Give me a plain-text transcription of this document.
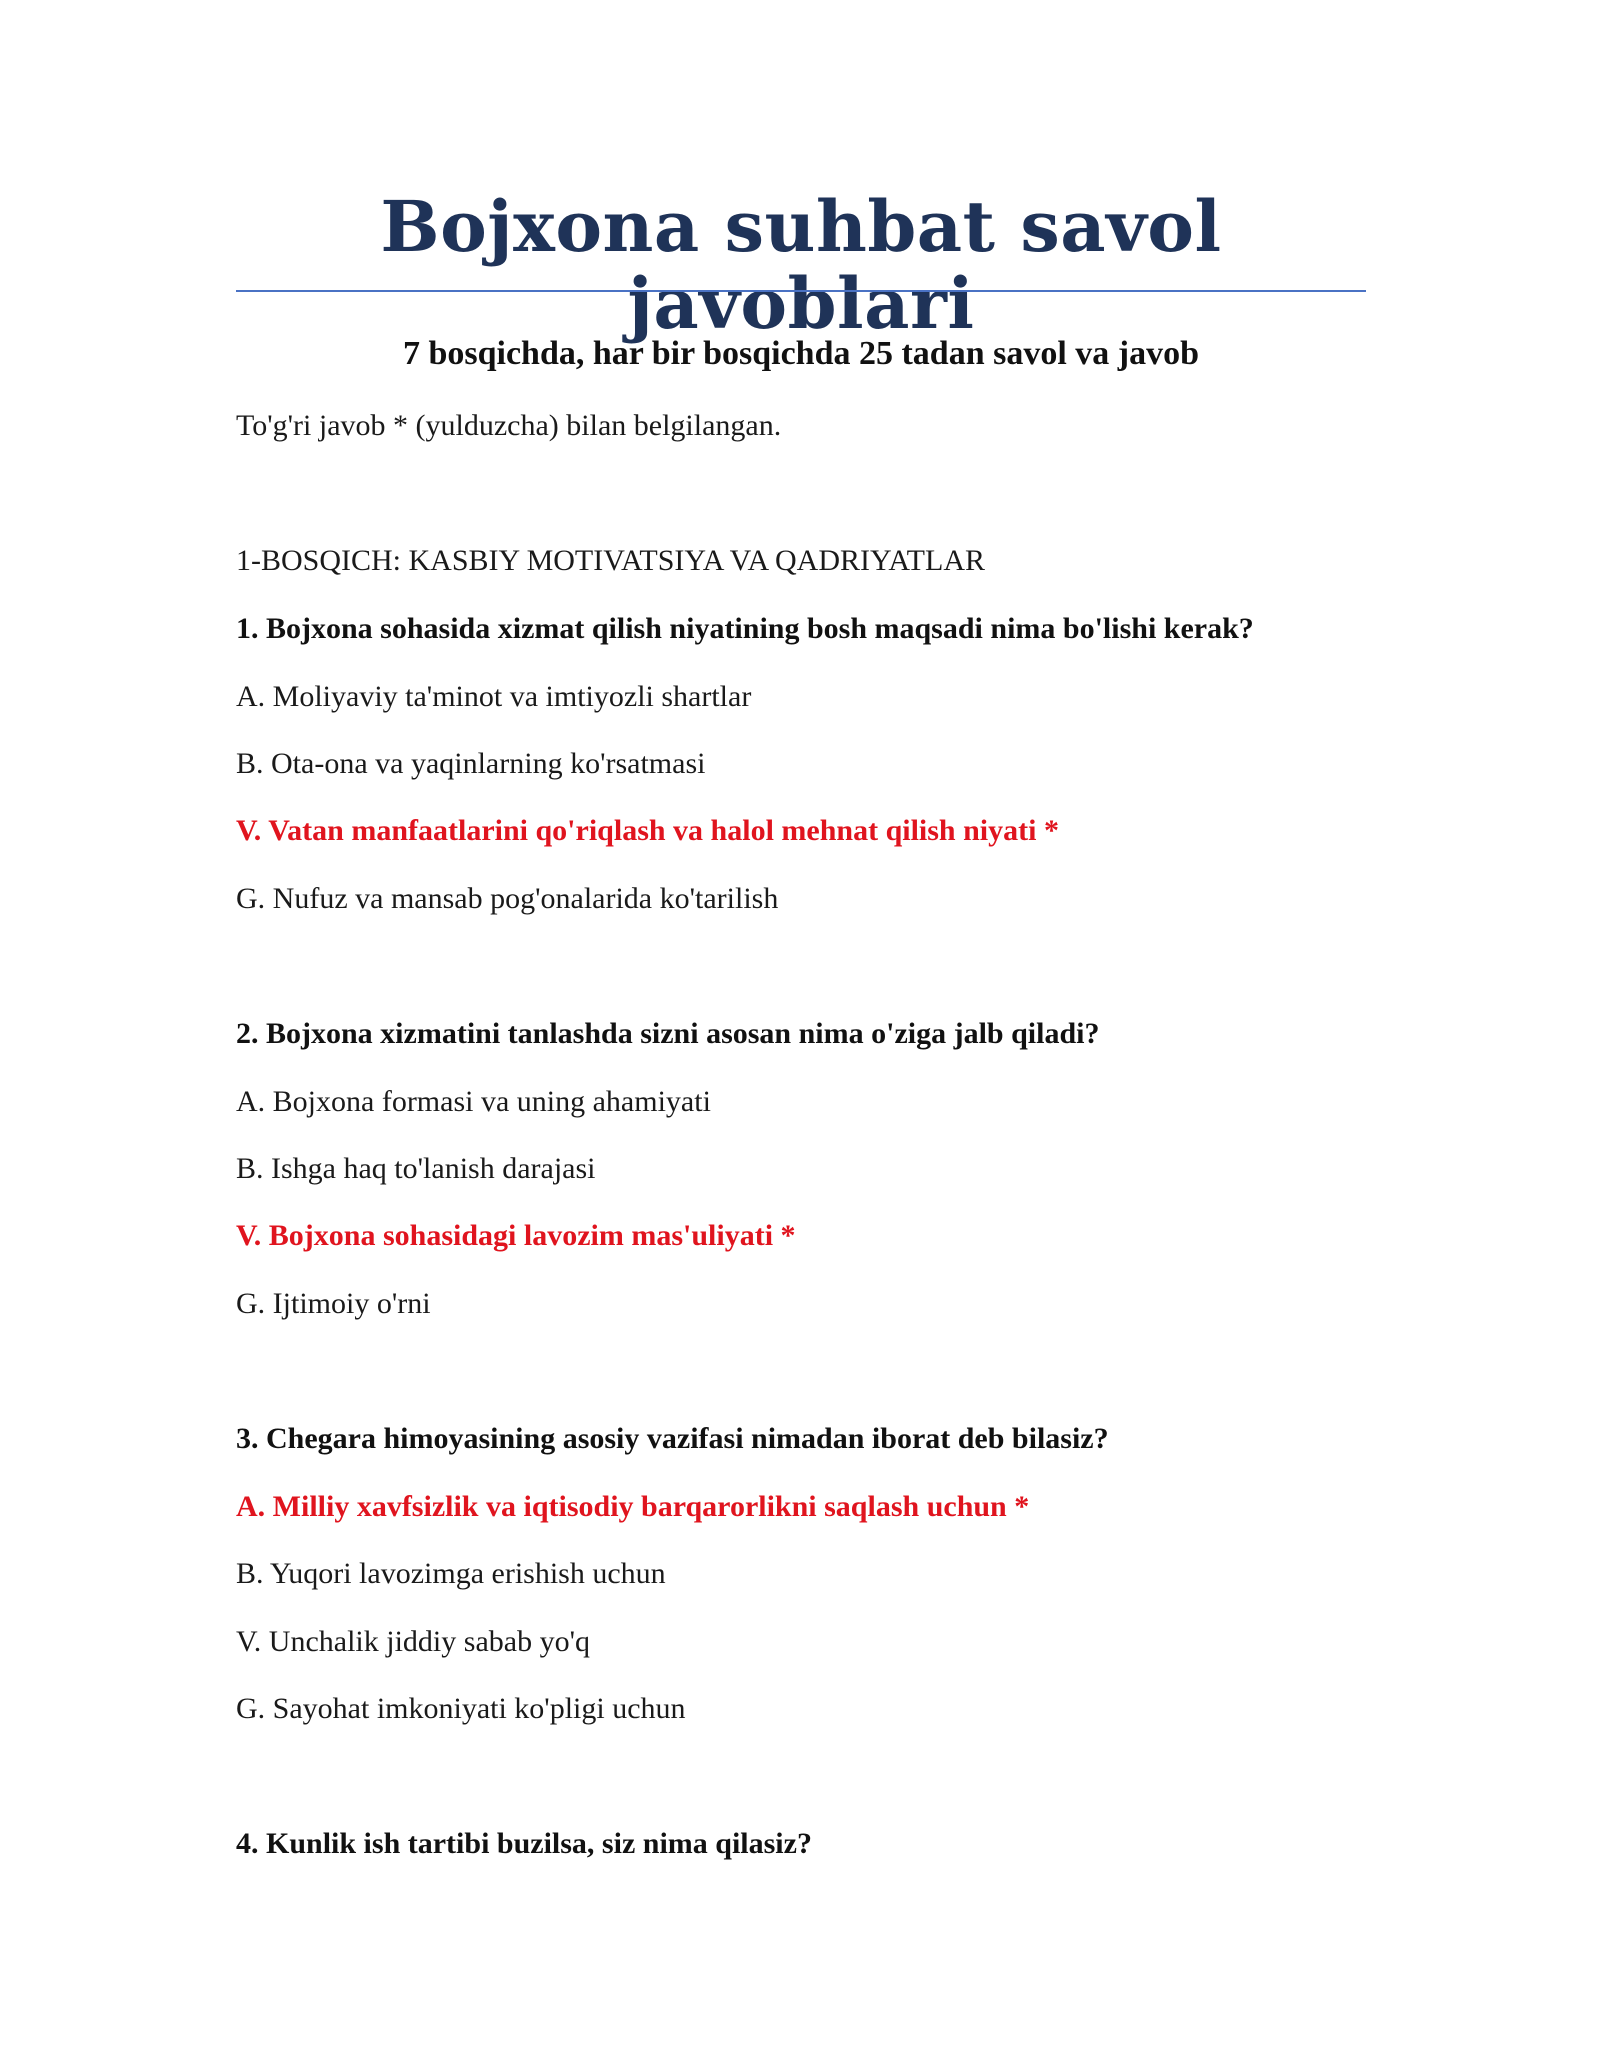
Bojxona suhbat savol javoblari
7 bosqichda, har bir bosqichda 25 tadan savol va javob

To'g'ri javob * (yulduzcha) bilan belgilangan.

1-BOSQICH: KASBIY MOTIVATSIYA VA QADRIYATLAR

1. Bojxona sohasida xizmat qilish niyatining bosh maqsadi nima bo'lishi kerak?

A. Moliyaviy ta'minot va imtiyozli shartlar

B. Ota-ona va yaqinlarning ko'rsatmasi

V. Vatan manfaatlarini qo'riqlash va halol mehnat qilish niyati *

G. Nufuz va mansab pog'onalarida ko'tarilish

2. Bojxona xizmatini tanlashda sizni asosan nima o'ziga jalb qiladi?

A. Bojxona formasi va uning ahamiyati

B. Ishga haq to'lanish darajasi

V. Bojxona sohasidagi lavozim mas'uliyati *

G. Ijtimoiy o'rni

3. Chegara himoyasining asosiy vazifasi nimadan iborat deb bilasiz?

A. Milliy xavfsizlik va iqtisodiy barqarorlikni saqlash uchun *

B. Yuqori lavozimga erishish uchun

V. Unchalik jiddiy sabab yo'q

G. Sayohat imkoniyati ko'pligi uchun

4. Kunlik ish tartibi buzilsa, siz nima qilasiz?
